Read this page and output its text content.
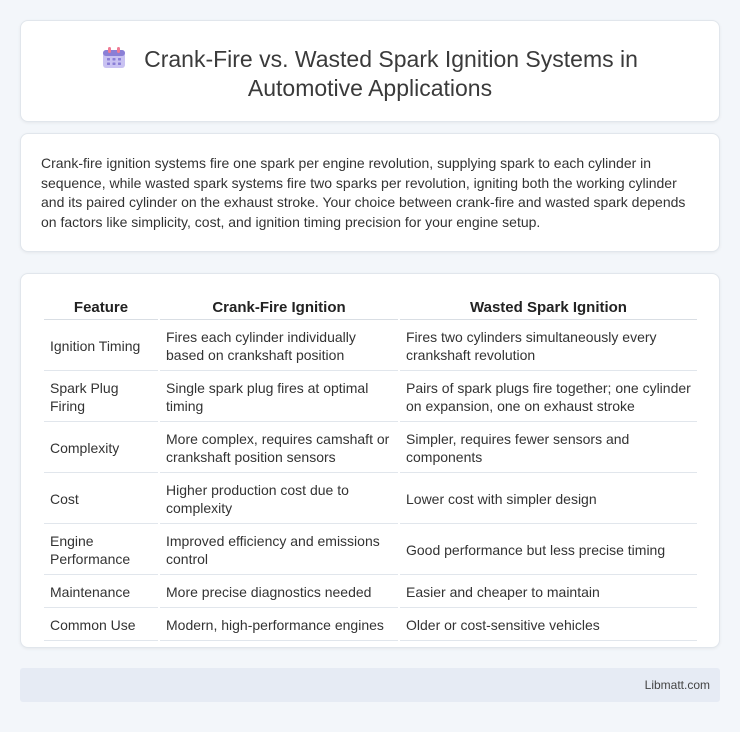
Crank-Fire vs. Wasted Spark Ignition Systems in
Automotive Applications

Crank-fire ignition systems fire one spark per engine revolution, supplying spark to each cylinder in sequence, while wasted spark systems fire two sparks per revolution, igniting both the working cylinder and its paired cylinder on the exhaust stroke. Your choice between crank-fire and wasted spark depends on factors like simplicity, cost, and ignition timing precision for your engine setup.

Feature	Crank-Fire Ignition	Wasted Spark Ignition
Ignition Timing	Fires each cylinder individually based on crankshaft position	Fires two cylinders simultaneously every crankshaft revolution
Spark Plug Firing	Single spark plug fires at optimal timing	Pairs of spark plugs fire together; one cylinder on expansion, one on exhaust stroke
Complexity	More complex, requires camshaft or crankshaft position sensors	Simpler, requires fewer sensors and components
Cost	Higher production cost due to complexity	Lower cost with simpler design
Engine Performance	Improved efficiency and emissions control	Good performance but less precise timing
Maintenance	More precise diagnostics needed	Easier and cheaper to maintain
Common Use	Modern, high-performance engines	Older or cost-sensitive vehicles
Libmatt.com
